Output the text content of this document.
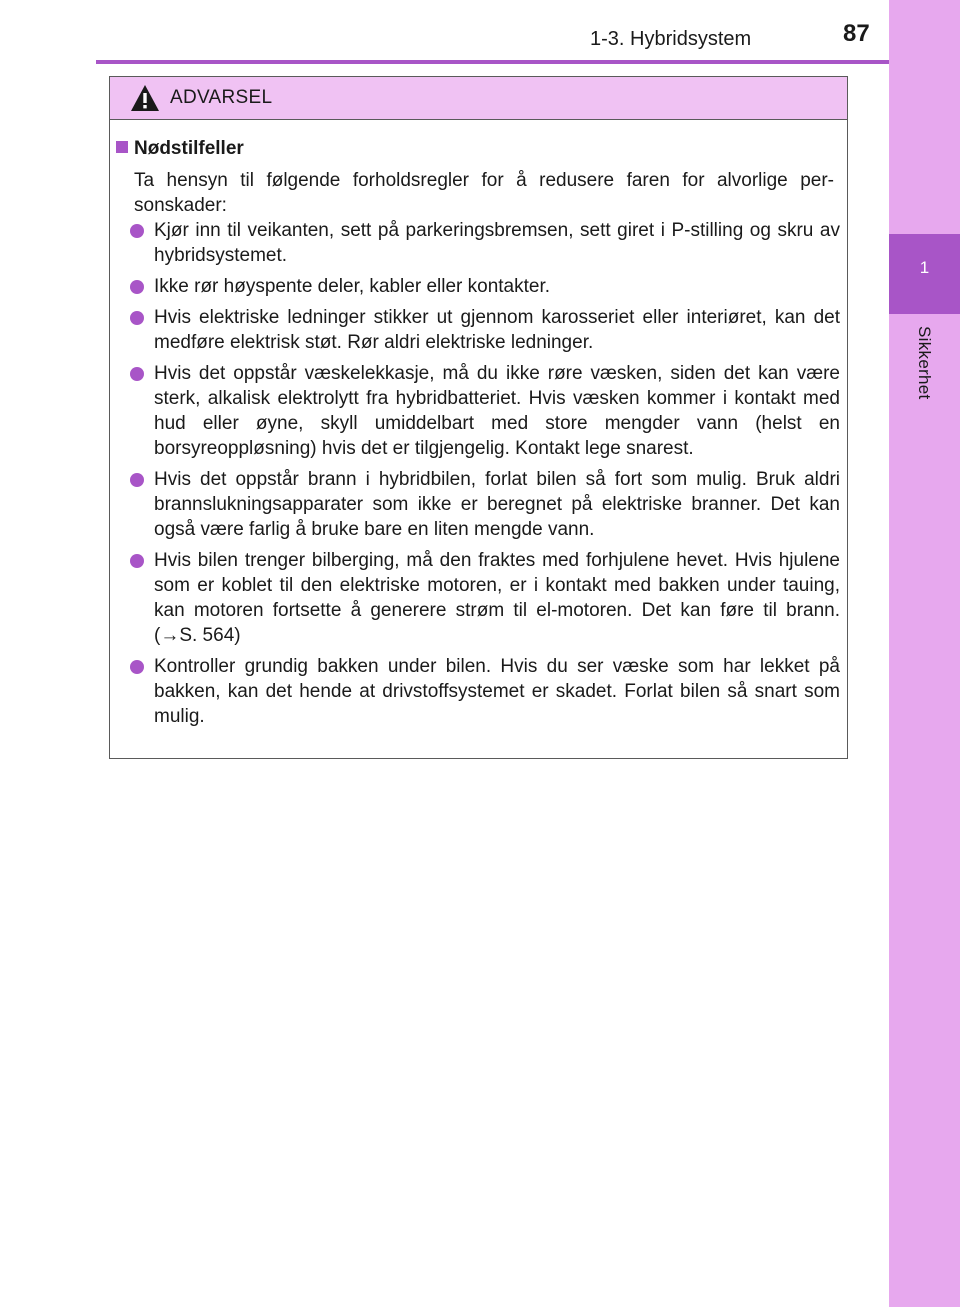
1
Sikkerhet
1-3. Hybridsystem	87
ADVARSEL
Nødstilfeller
Ta hensyn til følgende forholdsregler for å redusere faren for alvorlige personskader:
Kjør inn til veikanten, sett på parkeringsbremsen, sett giret i P-stilling og skru av hybridsystemet.
Ikke rør høyspente deler, kabler eller kontakter.
Hvis elektriske ledninger stikker ut gjennom karosseriet eller interiøret, kan det medføre elektrisk støt. Rør aldri elektriske ledninger.
Hvis det oppstår væskelekkasje, må du ikke røre væsken, siden det kan være sterk, alkalisk elektrolytt fra hybridbatteriet. Hvis væsken kommer i kontakt med hud eller øyne, skyll umiddelbart med store mengder vann (helst en borsyreoppløsning) hvis det er tilgjengelig. Kontakt lege snarest.
Hvis det oppstår brann i hybridbilen, forlat bilen så fort som mulig. Bruk aldri brannslukningsapparater som ikke er beregnet på elektriske branner. Det kan også være farlig å bruke bare en liten mengde vann.
Hvis bilen trenger bilberging, må den fraktes med forhjulene hevet. Hvis hjulene som er koblet til den elektriske motoren, er i kontakt med bakken under tauing, kan motoren fortsette å generere strøm til el-motoren. Det kan føre til brann. (→S. 564)
Kontroller grundig bakken under bilen. Hvis du ser væske som har lekket på bakken, kan det hende at drivstoffsystemet er skadet. Forlat bilen så snart som mulig.
